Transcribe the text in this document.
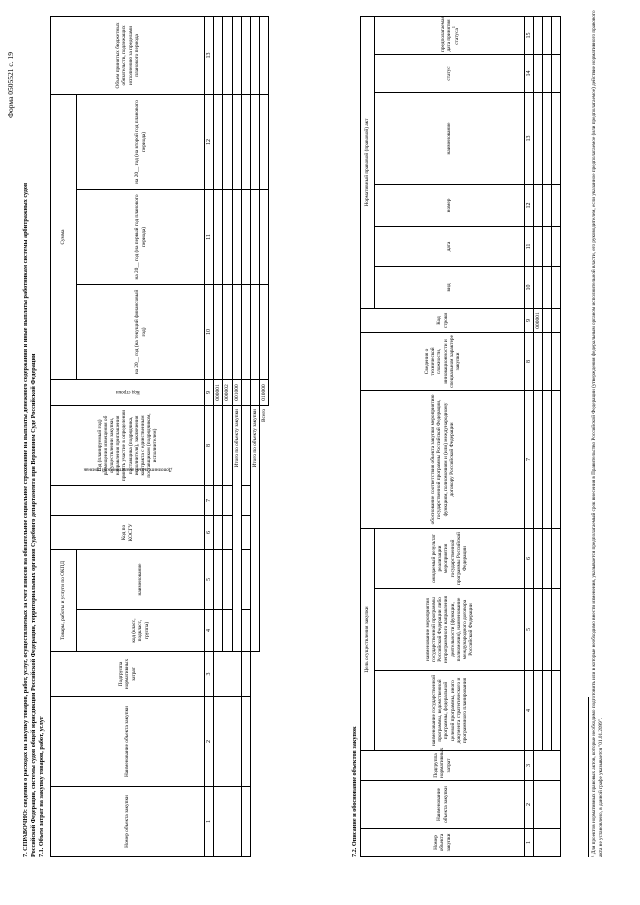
Форма 0505521 с. 19
7. СПРАВОЧНО: сведения о расходах на закупку товаров, работ, услуг, осуществляемых за счет взносов на обязательное социальное страхование на выплаты денежного содержания и иные выплаты работникам системы арбитражных судов Российской Федерации, системы судов общей юрисдикции Российской Федерации, территориальных органов Судебного департамента при Верховном Суде Российской Федерации 7.1. Объем затрат на закупку товаров, работ, услуг	Номер объекта закупки	Наименование объекта закупки	Подгруппа нормативных затрат	Товары, работы и услуги по ОКПД		Код по КОСГУ	Дополнительный аналитический признак	Год (планируемый год) размещения извещения об осуществлении закупки, направления приглашения принять участие в определении поставщика (подрядчика, исполнителя), заключения контракта с единственным поставщиком (подрядчиком, исполнителем)	Код строки	Сумма			Объем принятых бюджетных обязательств, подлежащих исполнению за пределами планового периода
			код (класс, подкласс, группа)	наименование					на 20__ год (на текущий финансовый год)	на 20__ год (на первый год планового периода)	на 20__ год (на второй год планового периода)	

1	2	3	4	5	6	7	8	9	10	11	12	13
								000001				
								000002				
			Итого по объекту закупки					001000				

			Итого по объекту закупки									
Всего								010000				
7.2. Описание и обоснование объектов закупок	Номер объекта закупки	Наименование объекта закупки	Подгруппа нормативных затрат	Цель осуществления закупки			обоснование соответствия объекта закупки мероприятию государственной программы Российской Федерации, функциям, полномочиям и (или) международному договору Российской Федерации	Сведения о технической сложности, инновационности и специальном характере закупки	Код строки	Нормативный правовой (правовой) акт					
			наименование государственной программы, ведомственной программы, федеральной целевой программы, иного документа стратегического и программного планирования	наименование мероприятия государственной программы Российской Федерации либо непрограммного направления деятельности (функции, полномочия), наименование международного договора Российской Федерации	ожидаемый результат реализации мероприятия государственной программы Российской Федерации				вид	дата	номер	наименование	статус	предполагаемая дата принятия статуса$^1$
1	2	3	4	5	6	7	8	9	10	11	12	13	14	15
								000001						

												¹ Для проектов нормативных правовых актов, которые необходимо подготовить или в которые необходимо внести изменения, указывается предполагаемый срок внесения в Правительство Российской Федерации (утверждения федеральным органом исполнительной власти, его руководителем, если указанное предполагаемое (или предполагаемое) действие нормативного правового акта не установлено, в данной графе указывается "01.01.2099".
